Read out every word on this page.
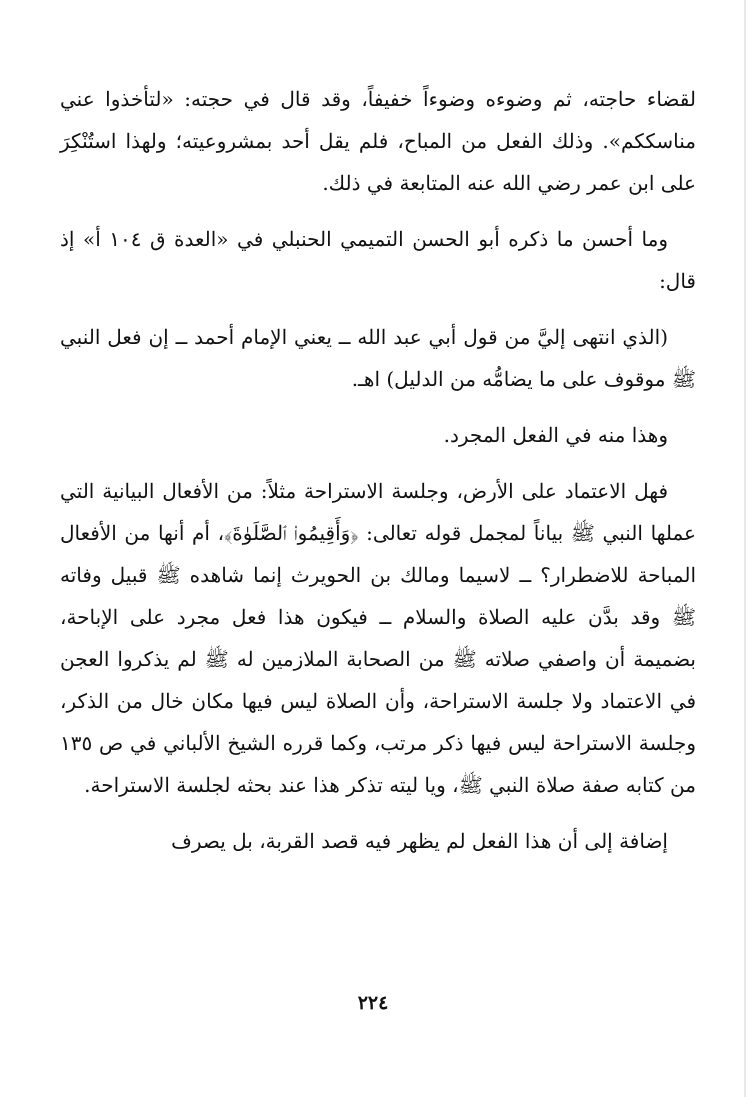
لقضاء حاجته، ثم وضوءه وضوءاً خفيفاً، وقد قال في حجته: «لتأخذوا عني مناسككم». وذلك الفعل من المباح، فلم يقل أحد بمشروعيته؛ ولهذا استُنْكِرَ على ابن عمر رضي الله عنه المتابعة في ذلك.

وما أحسن ما ذكره أبو الحسن التميمي الحنبلي في «العدة ق ١٠٤ أ» إذ قال:

(الذي انتهى إليَّ من قول أبي عبد الله ــ يعني الإمام أحمد ــ إن فعل النبي ﷺ موقوف على ما يضامُّه من الدليل) اهـ.

وهذا منه في الفعل المجرد.

فهل الاعتماد على الأرض، وجلسة الاستراحة مثلاً: من الأفعال البيانية التي عملها النبي ﷺ بياناً لمجمل قوله تعالى: ﴿وَأَقِيمُوا۟ ٱلصَّلَوٰةَ﴾، أم أنها من الأفعال المباحة للاضطرار؟ ــ لاسيما ومالك بن الحويرث إنما شاهده ﷺ قبيل وفاته ﷺ وقد بدَّن عليه الصلاة والسلام ــ فيكون هذا فعل مجرد على الإباحة، بضميمة أن واصفي صلاته ﷺ من الصحابة الملازمين له ﷺ لم يذكروا العجن في الاعتماد ولا جلسة الاستراحة، وأن الصلاة ليس فيها مكان خال من الذكر، وجلسة الاستراحة ليس فيها ذكر مرتب، وكما قرره الشيخ الألباني في ص ١٣٥ من كتابه صفة صلاة النبي ﷺ، ويا ليته تذكر هذا عند بحثه لجلسة الاستراحة.

إضافة إلى أن هذا الفعل لم يظهر فيه قصد القربة، بل يصرف

٢٢٤
